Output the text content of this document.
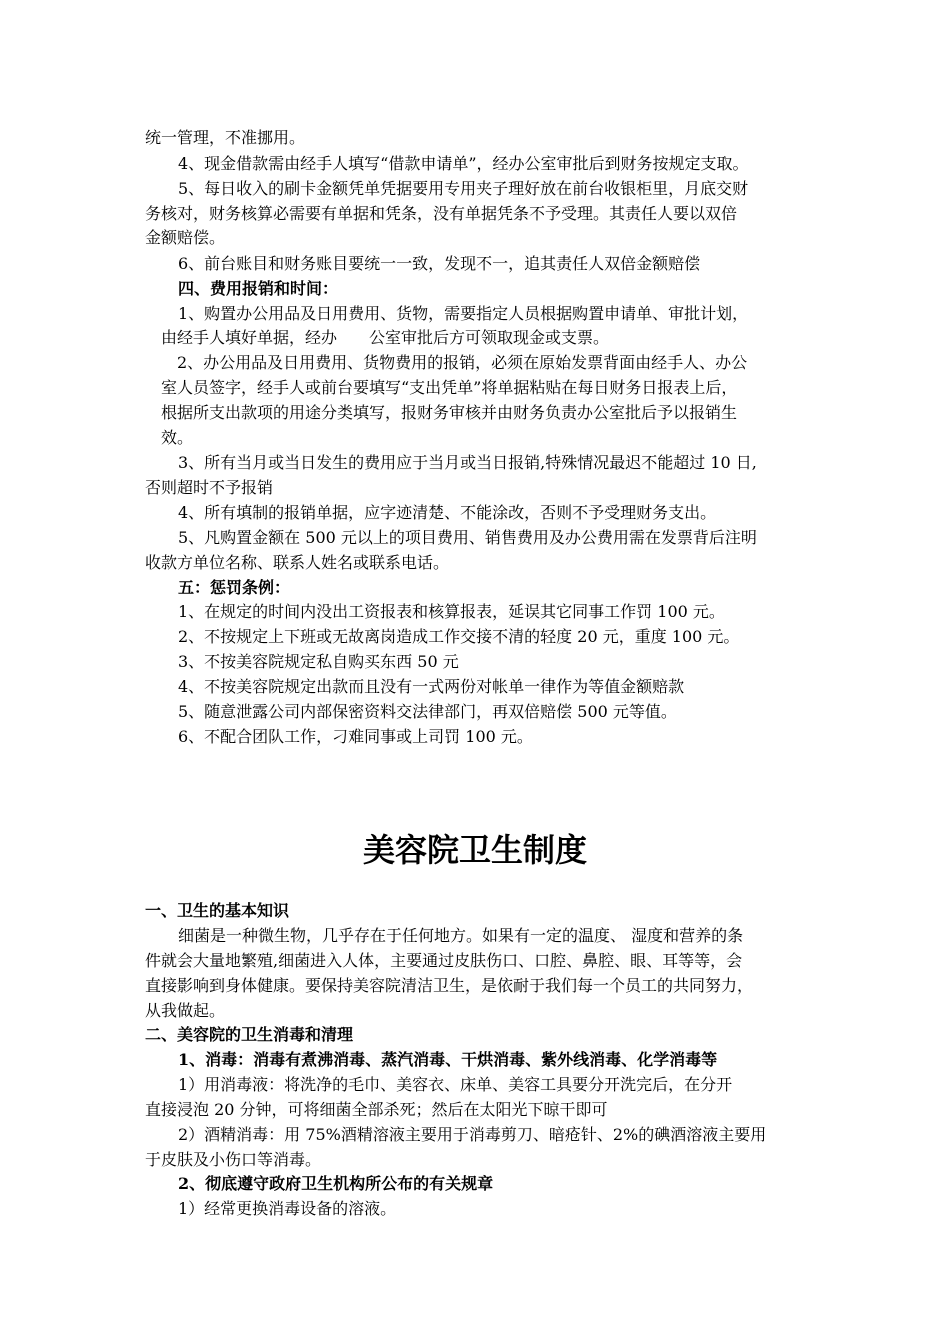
统一管理，不准挪用。
4、现金借款需由经手人填写“借款申请单”，经办公室审批后到财务按规定支取。
5、每日收入的刷卡金额凭单凭据要用专用夹子理好放在前台收银柜里，月底交财
务核对，财务核算必需要有单据和凭条，没有单据凭条不予受理。其责任人要以双倍
金额赔偿。
6、前台账目和财务账目要统一一致，发现不一，追其责任人双倍金额赔偿
四、费用报销和时间：
1、购置办公用品及日用费用、货物，需要指定人员根据购置申请单、审批计划，
由经手人填好单据，经办　　公室审批后方可领取现金或支票。
2、办公用品及日用费用、货物费用的报销，必须在原始发票背面由经手人、办公
室人员签字，经手人或前台要填写“支出凭单”将单据粘贴在每日财务日报表上后，
根据所支出款项的用途分类填写，报财务审核并由财务负责办公室批后予以报销生
效。
3、所有当月或当日发生的费用应于当月或当日报销,特殊情况最迟不能超过 10 日,
否则超时不予报销
4、所有填制的报销单据，应字迹清楚、不能涂改，否则不予受理财务支出。
5、凡购置金额在 500 元以上的项目费用、销售费用及办公费用需在发票背后注明
收款方单位名称、联系人姓名或联系电话。
五：惩罚条例：
1、在规定的时间内没出工资报表和核算报表，延误其它同事工作罚 100 元。
2、不按规定上下班或无故离岗造成工作交接不清的轻度 20 元，重度 100 元。
3、不按美容院规定私自购买东西 50 元
4、不按美容院规定出款而且没有一式两份对帐单一律作为等值金额赔款
5、随意泄露公司内部保密资料交法律部门，再双倍赔偿 500 元等值。
6、不配合团队工作，刁难同事或上司罚 100 元。
美容院卫生制度
一、卫生的基本知识
细菌是一种微生物，几乎存在于任何地方。如果有一定的温度、 湿度和营养的条
件就会大量地繁殖,细菌进入人体，主要通过皮肤伤口、口腔、鼻腔、眼、耳等等，会
直接影响到身体健康。要保持美容院清洁卫生，是依耐于我们每一个员工的共同努力，
从我做起。
二、美容院的卫生消毒和清理
1、消毒：消毒有煮沸消毒、蒸汽消毒、干烘消毒、紫外线消毒、化学消毒等
1）用消毒液：将洗净的毛巾、美容衣、床单、美容工具要分开洗完后，在分开
直接浸泡 20 分钟，可将细菌全部杀死；然后在太阳光下晾干即可
2）酒精消毒：用 75%酒精溶液主要用于消毒剪刀、暗疮针、2%的碘酒溶液主要用
于皮肤及小伤口等消毒。
2、彻底遵守政府卫生机构所公布的有关规章
1）经常更换消毒设备的溶液。
